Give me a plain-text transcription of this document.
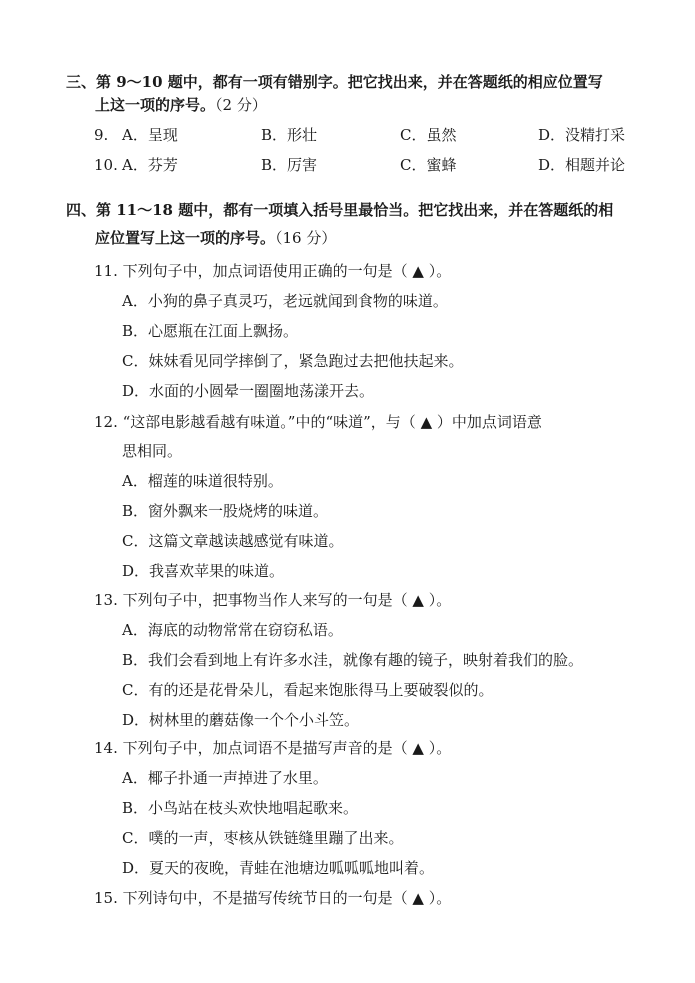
三、第 9～10 题中，都有一项有错别字。把它找出来，并在答题纸的相应位置写
上这一项的序号。（2 分）
9. A．呈现	B．形壮	C．虽然	D．没精打采
10. A．芬芳	B．厉害	C．蜜蜂	D．相题并论
四、第 11～18 题中，都有一项填入括号里最恰当。把它找出来，并在答题纸的相
应位置写上这一项的序号。（16 分）
11. 下列句子中，加点词语使用正确的一句是（ ▲ ）。
A．小狗的鼻子真灵巧，老远就闻到食物的味道。
B．心愿瓶在江面上飘扬。
C．妹妹看见同学摔倒了，紧急跑过去把他扶起来。
D．水面的小圆晕一圈圈地荡漾开去。
12. “这部电影越看越有味道。”中的“味道”，与（ ▲ ）中加点词语意
思相同。
A．榴莲的味道很特别。
B．窗外飘来一股烧烤的味道。
C．这篇文章越读越感觉有味道。
D．我喜欢苹果的味道。
13. 下列句子中，把事物当作人来写的一句是（ ▲ ）。
A．海底的动物常常在窃窃私语。
B．我们会看到地上有许多水洼，就像有趣的镜子，映射着我们的脸。
C．有的还是花骨朵儿，看起来饱胀得马上要破裂似的。
D．树林里的蘑菇像一个个小斗笠。
14. 下列句子中，加点词语不是描写声音的是（ ▲ ）。
A．椰子扑通一声掉进了水里。
B．小鸟站在枝头欢快地唱起歌来。
C．噗的一声，枣核从铁链缝里蹦了出来。
D．夏天的夜晚，青蛙在池塘边呱呱呱地叫着。
15. 下列诗句中，不是描写传统节日的一句是（ ▲ ）。
